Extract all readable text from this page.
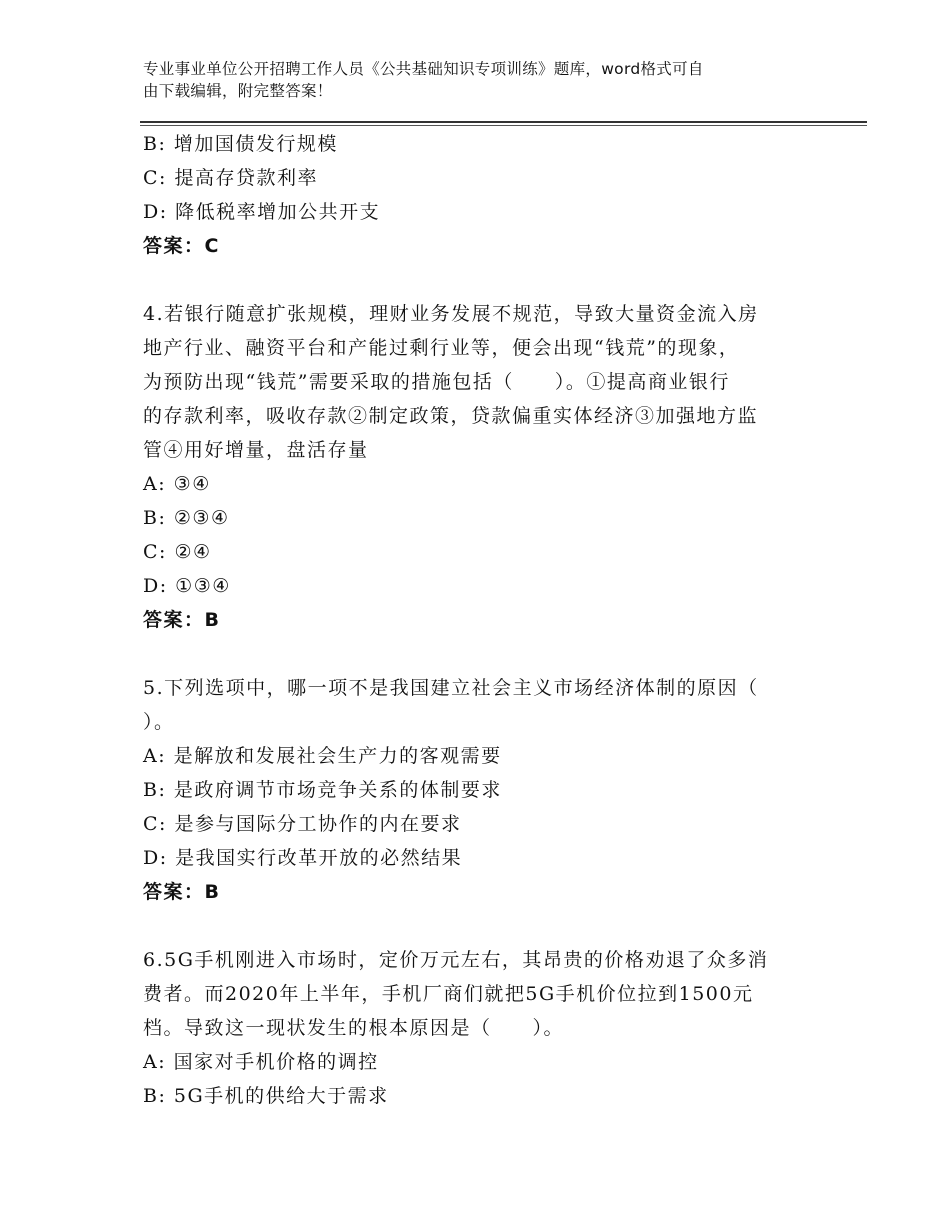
专业事业单位公开招聘工作人员《公共基础知识专项训练》题库，word格式可自
由下载编辑，附完整答案！
B: 增加国债发行规模
C: 提高存贷款利率
D: 降低税率增加公共开支
答案：C
4.若银行随意扩张规模，理财业务发展不规范，导致大量资金流入房
地产行业、融资平台和产能过剩行业等，便会出现“钱荒”的现象，
为预防出现“钱荒”需要采取的措施包括（　　）。①提高商业银行
的存款利率，吸收存款②制定政策，贷款偏重实体经济③加强地方监
管④用好增量，盘活存量
A: ③④
B: ②③④
C: ②④
D: ①③④
答案：B
5.下列选项中，哪一项不是我国建立社会主义市场经济体制的原因（
）。
A: 是解放和发展社会生产力的客观需要
B: 是政府调节市场竞争关系的体制要求
C: 是参与国际分工协作的内在要求
D: 是我国实行改革开放的必然结果
答案：B
6.5G手机刚进入市场时，定价万元左右，其昂贵的价格劝退了众多消
费者。而2020年上半年，手机厂商们就把5G手机价位拉到1500元
档。导致这一现状发生的根本原因是（　　）。
A: 国家对手机价格的调控
B: 5G手机的供给大于需求
